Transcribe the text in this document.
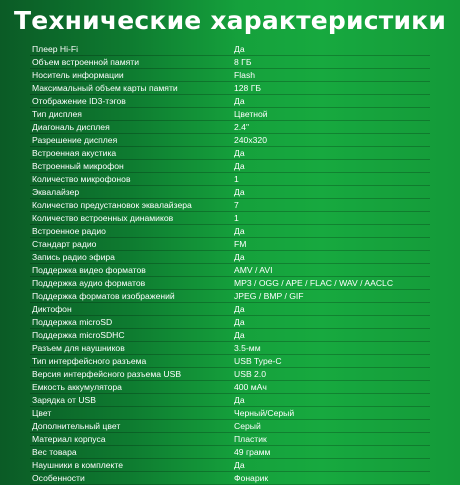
Технические характеристики
Плеер Hi-Fi	Да
Объем встроенной памяти	8 ГБ
Носитель информации	Flash
Максимальный объем карты памяти	128 ГБ
Отображение ID3-тэгов	Да
Тип дисплея	Цветной
Диагональ дисплея	2.4"
Разрешение дисплея	240x320
Встроенная акустика	Да
Встроенный микрофон	Да
Количество микрофонов	1
Эквалайзер	Да
Количество предустановок эквалайзера	7
Количество встроенных динамиков	1
Встроенное радио	Да
Стандарт радио	FM
Запись радио эфира	Да
Поддержка видео форматов	AMV / AVI
Поддержка аудио форматов	MP3 / OGG / APE / FLAC / WAV / AACLC
Поддержка форматов изображений	JPEG / BMP / GIF
Диктофон	Да
Поддержка microSD	Да
Поддержка microSDHC	Да
Разъем для наушников	3.5-мм
Тип интерфейсного разъема	USB Type-C
Версия интерфейсного разъема USB	USB 2.0
Емкость аккумулятора	400 мАч
Зарядка от USB	Да
Цвет	Черный/Серый
Дополнительный цвет	Серый
Материал корпуса	Пластик
Вес товара	49 грамм
Наушники в комплекте	Да
Особенности	Фонарик
